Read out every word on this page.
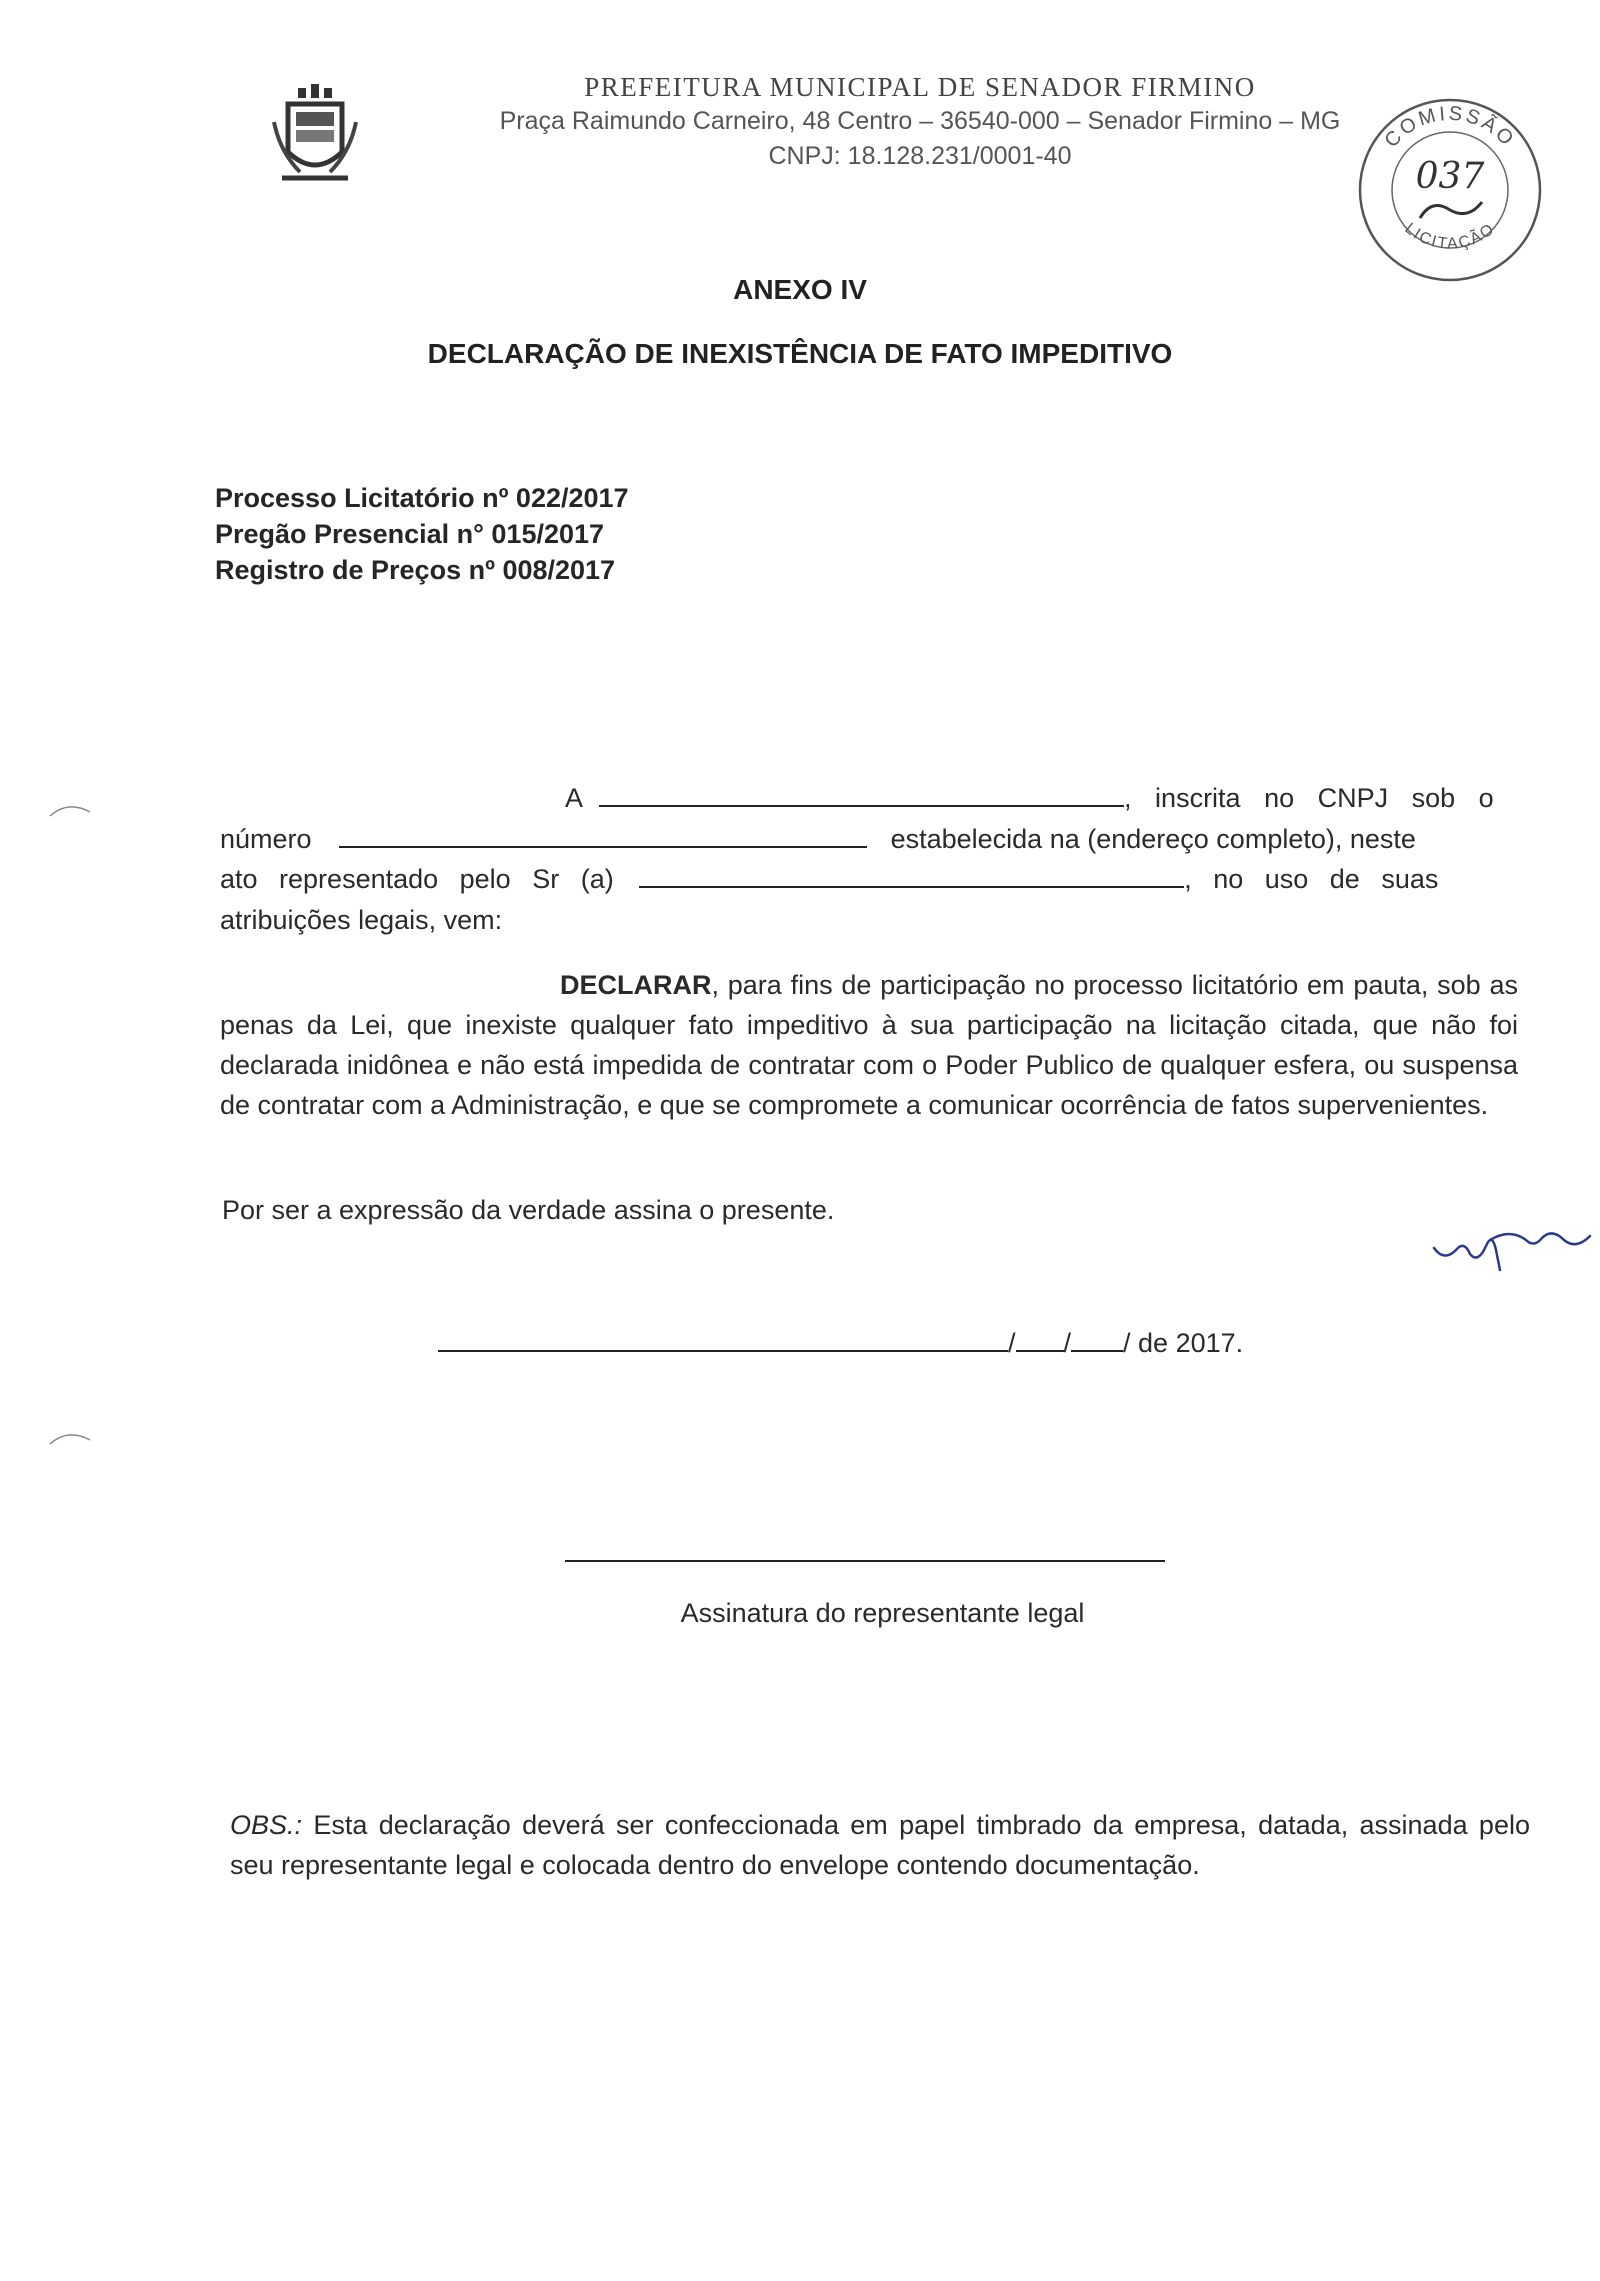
PREFEITURA MUNICIPAL DE SENADOR FIRMINO
Praça Raimundo Carneiro, 48 Centro – 36540-000 – Senador Firmino – MG
CNPJ: 18.128.231/0001-40
COMISSÃO
LICITAÇÃO
037
ANEXO IV
DECLARAÇÃO DE INEXISTÊNCIA DE FATO IMPEDITIVO
Processo Licitatório nº 022/2017
Pregão Presencial n° 015/2017
Registro de Preços nº 008/2017
A	, inscrita no CNPJ sob o
número	estabelecida na (endereço completo), neste
ato representado pelo Sr (a)	, no uso de suas
atribuições legais, vem:
DECLARAR, para fins de participação no processo licitatório em pauta, sob as penas da Lei, que inexiste qualquer fato impeditivo à sua participação na licitação citada, que não foi declarada inidônea e não está impedida de contratar com o Poder Publico de qualquer esfera, ou suspensa de contratar com a Administração, e que se compromete a comunicar ocorrência de fatos supervenientes.
Por ser a expressão da verdade assina o presente.
/ / / de 2017.
Assinatura do representante legal
OBS.: Esta declaração deverá ser confeccionada em papel timbrado da empresa, datada, assinada pelo seu representante legal e colocada dentro do envelope contendo documentação.
